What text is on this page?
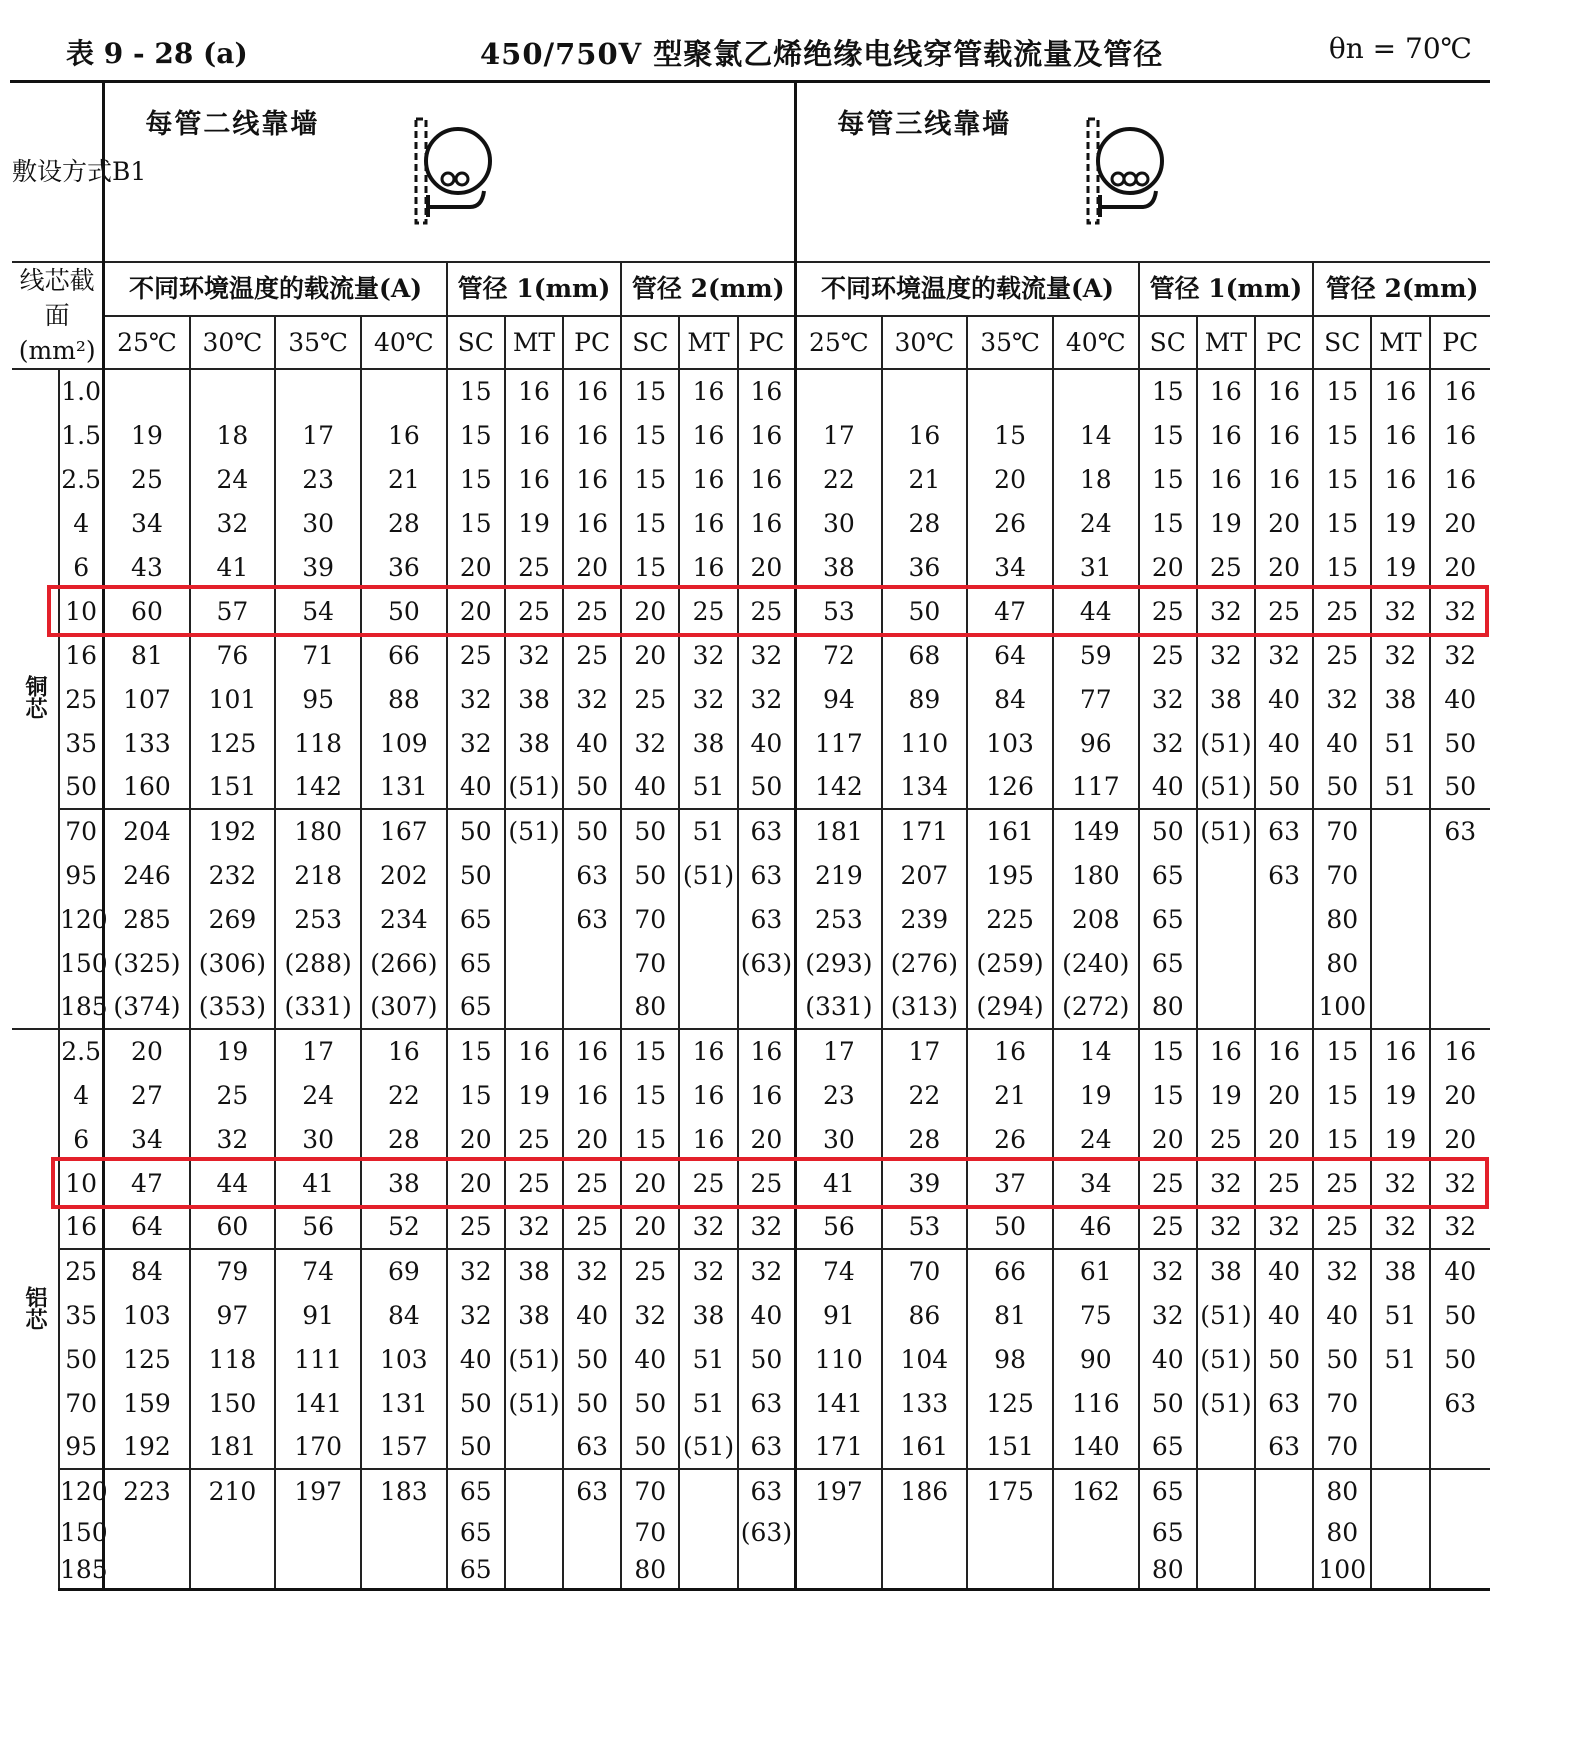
表 9 - 28 (a)	450/750V 型聚氯乙烯绝缘电线穿管载流量及管径	θn = 70℃
敷设方式B1		每管二线靠墙										每管三线靠墙									

线芯截面(mm²)		不同环境温度的载流量(A)				管径 1(mm)			管径 2(mm)			不同环境温度的载流量(A)				管径 1(mm)			管径 2(mm)		
		25℃	30℃	35℃	40℃	SC	MT	PC	SC	MT	PC	25℃	30℃	35℃	40℃	SC	MT	PC	SC	MT	PC
铜芯	1.0					15	16	16	15	16	16					15	16	16	15	16	16
	1.5	19	18	17	16	15	16	16	15	16	16	17	16	15	14	15	16	16	15	16	16
	2.5	25	24	23	21	15	16	16	15	16	16	22	21	20	18	15	16	16	15	16	16
	4	34	32	30	28	15	19	16	15	16	16	30	28	26	24	15	19	20	15	19	20
	6	43	41	39	36	20	25	20	15	16	20	38	36	34	31	20	25	20	15	19	20
	10	60	57	54	50	20	25	25	20	25	25	53	50	47	44	25	32	25	25	32	32
	16	81	76	71	66	25	32	25	20	32	32	72	68	64	59	25	32	32	25	32	32
	25	107	101	95	88	32	38	32	25	32	32	94	89	84	77	32	38	40	32	38	40
	35	133	125	118	109	32	38	40	32	38	40	117	110	103	96	32	(51)	40	40	51	50
	50	160	151	142	131	40	(51)	50	40	51	50	142	134	126	117	40	(51)	50	50	51	50
	70	204	192	180	167	50	(51)	50	50	51	63	181	171	161	149	50	(51)	63	70		63
	95	246	232	218	202	50		63	50	(51)	63	219	207	195	180	65		63	70		
	120	285	269	253	234	65		63	70		63	253	239	225	208	65			80		
	150	(325)	(306)	(288)	(266)	65			70		(63)	(293)	(276)	(259)	(240)	65			80		
	185	(374)	(353)	(331)	(307)	65			80			(331)	(313)	(294)	(272)	80			100		
铝芯	2.5	20	19	17	16	15	16	16	15	16	16	17	17	16	14	15	16	16	15	16	16
	4	27	25	24	22	15	19	16	15	16	16	23	22	21	19	15	19	20	15	19	20
	6	34	32	30	28	20	25	20	15	16	20	30	28	26	24	20	25	20	15	19	20
	10	47	44	41	38	20	25	25	20	25	25	41	39	37	34	25	32	25	25	32	32
	16	64	60	56	52	25	32	25	20	32	32	56	53	50	46	25	32	32	25	32	32
	25	84	79	74	69	32	38	32	25	32	32	74	70	66	61	32	38	40	32	38	40
	35	103	97	91	84	32	38	40	32	38	40	91	86	81	75	32	(51)	40	40	51	50
	50	125	118	111	103	40	(51)	50	40	51	50	110	104	98	90	40	(51)	50	50	51	50
	70	159	150	141	131	50	(51)	50	50	51	63	141	133	125	116	50	(51)	63	70		63
	95	192	181	170	157	50		63	50	(51)	63	171	161	151	140	65		63	70		
	120	223	210	197	183	65		63	70		63	197	186	175	162	65			80		
	150					65			70		(63)					65			80		
	185					65			80							80			100		
